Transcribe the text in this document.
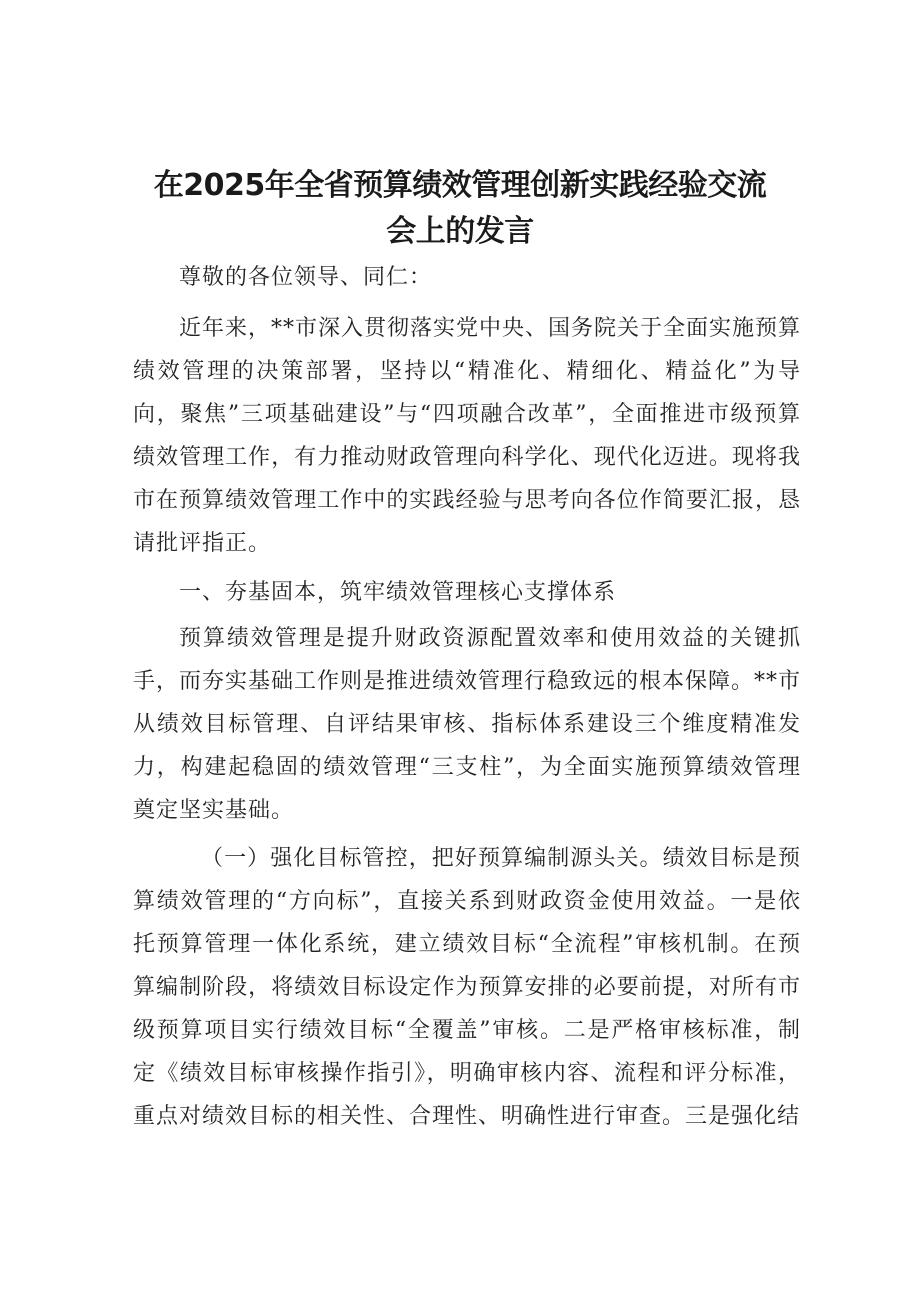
在2025年全省预算绩效管理创新实践经验交流
会上的发言
尊敬的各位领导、同仁：
近年来，**市深入贯彻落实党中央、国务院关于全面实施预算绩效管理的决策部署，坚持以“精准化、精细化、精益化”为导向，聚焦”三项基础建设”与“四项融合改革”，全面推进市级预算绩效管理工作，有力推动财政管理向科学化、现代化迈进。现将我市在预算绩效管理工作中的实践经验与思考向各位作简要汇报，恳请批评指正。
一、夯基固本，筑牢绩效管理核心支撑体系
预算绩效管理是提升财政资源配置效率和使用效益的关键抓手，而夯实基础工作则是推进绩效管理行稳致远的根本保障。**市从绩效目标管理、自评结果审核、指标体系建设三个维度精准发力，构建起稳固的绩效管理“三支柱”，为全面实施预算绩效管理奠定坚实基础。
（一）强化目标管控，把好预算编制源头关。绩效目标是预算绩效管理的“方向标”，直接关系到财政资金使用效益。一是依托预算管理一体化系统，建立绩效目标“全流程”审核机制。在预算编制阶段，将绩效目标设定作为预算安排的必要前提，对所有市级预算项目实行绩效目标“全覆盖”审核。二是严格审核标准，制定《绩效目标审核操作指引》，明确审核内容、流程和评分标准，重点对绩效目标的相关性、合理性、明确性进行审查。三是强化结
